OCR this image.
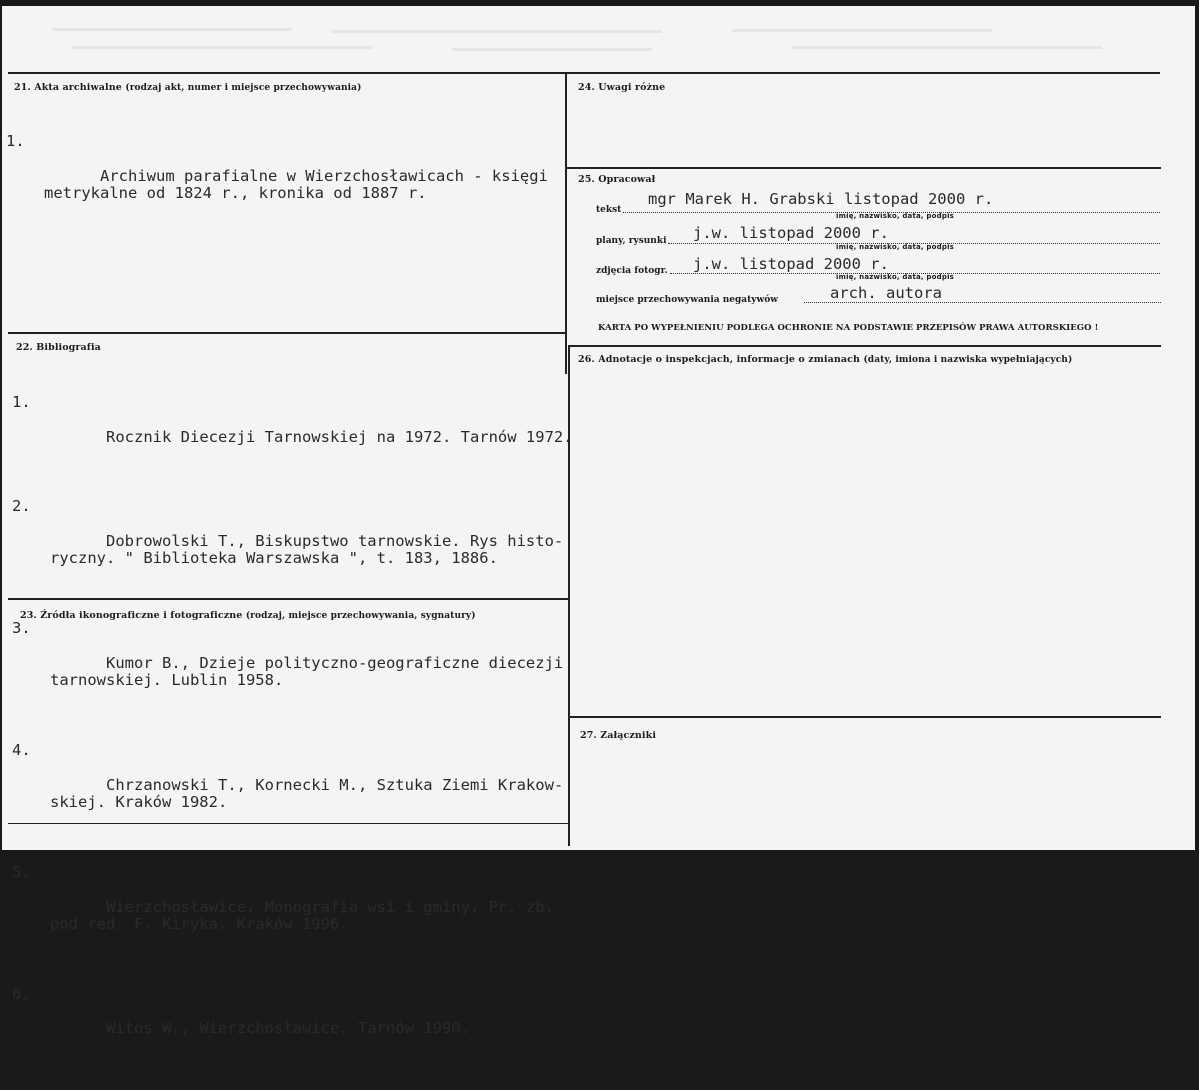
21. Akta archiwalne (rodzaj akt, numer i miejsce przechowywania)

1.

Archiwum parafialne w Wierzchosławicach - księgi
metrykalne od 1824 r., kronika od 1887 r.

22. Bibliografia

1.

Rocznik Diecezji Tarnowskiej na 1972. Tarnów 1972.

2.

Dobrowolski T., Biskupstwo tarnowskie. Rys histo-
ryczny. " Biblioteka Warszawska ", t. 183, 1886.

3.

Kumor B., Dzieje polityczno-geograficzne diecezji
tarnowskiej. Lublin 1958.

4.

Chrzanowski T., Kornecki M., Sztuka Ziemi Krakow-
skiej. Kraków 1982.

5.

Wierzchosławice. Monografia wsi i gminy. Pr. zb.
pod red. F. Kiryka. Kraków 1996.

6.

Witos W., Wierzchosławice. Tarnów 1990.

23. Źródła ikonograficzne i fotograficzne (rodzaj, miejsce przechowywania, sygnatury)
24. Uwagi różne
25. Opracował
tekst
mgr Marek H. Grabski listopad 2000 r.
imię, nazwisko, data, podpis
plany, rysunki j.w. listopad 2000 r.
imię, nazwisko, data, podpis
zdjęcia fotogr. j.w. listopad 2000 r.
imię, nazwisko, data, podpis
miejsce przechowywania negatywów	arch. autora
KARTA PO WYPEŁNIENIU PODLEGA OCHRONIE NA PODSTAWIE PRZEPISÓW PRAWA AUTORSKIEGO !
26. Adnotacje o inspekcjach, informacje o zmianach (daty, imiona i nazwiska wypełniających)
27. Załączniki
